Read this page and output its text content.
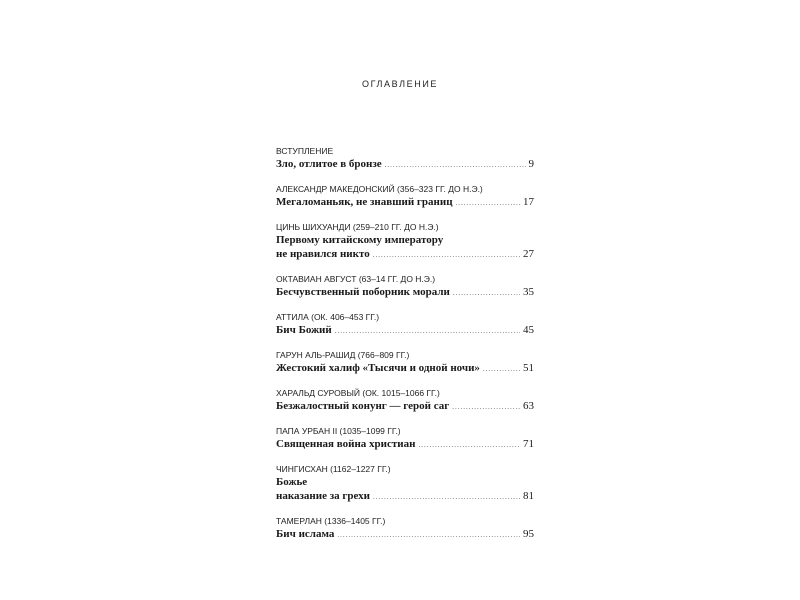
ОГЛАВЛЕНИЕ
ВСТУПЛЕНИЕ
Зло, отлитое в бронзе .....	9
АЛЕКСАНДР МАКЕДОНСКИЙ (356–323 ГГ. ДО Н.Э.)
Мегаломаньяк, не знавший границ .....	17
ЦИНЬ ШИХУАНДИ (259–210 ГГ. ДО Н.Э.)
Первому китайскому императору
не нравился никто .....	27
ОКТАВИАН АВГУСТ (63–14 ГГ. ДО Н.Э.)
Бесчувственный поборник морали .....	35
АТТИЛА (ОК. 406–453 ГГ.)
Бич Божий .....	45
ГАРУН АЛЬ-РАШИД (766–809 ГГ.)
Жестокий халиф «Тысячи и одной ночи» .....	51
ХАРАЛЬД СУРОВЫЙ (ОК. 1015–1066 ГГ.)
Безжалостный конунг — герой саг .....	63
ПАПА УРБАН II (1035–1099 ГГ.)
Священная война христиан .....	71
ЧИНГИСХАН (1162–1227 ГГ.)
Божье
наказание за грехи .....	81
ТАМЕРЛАН (1336–1405 ГГ.)
Бич ислама .....	95
